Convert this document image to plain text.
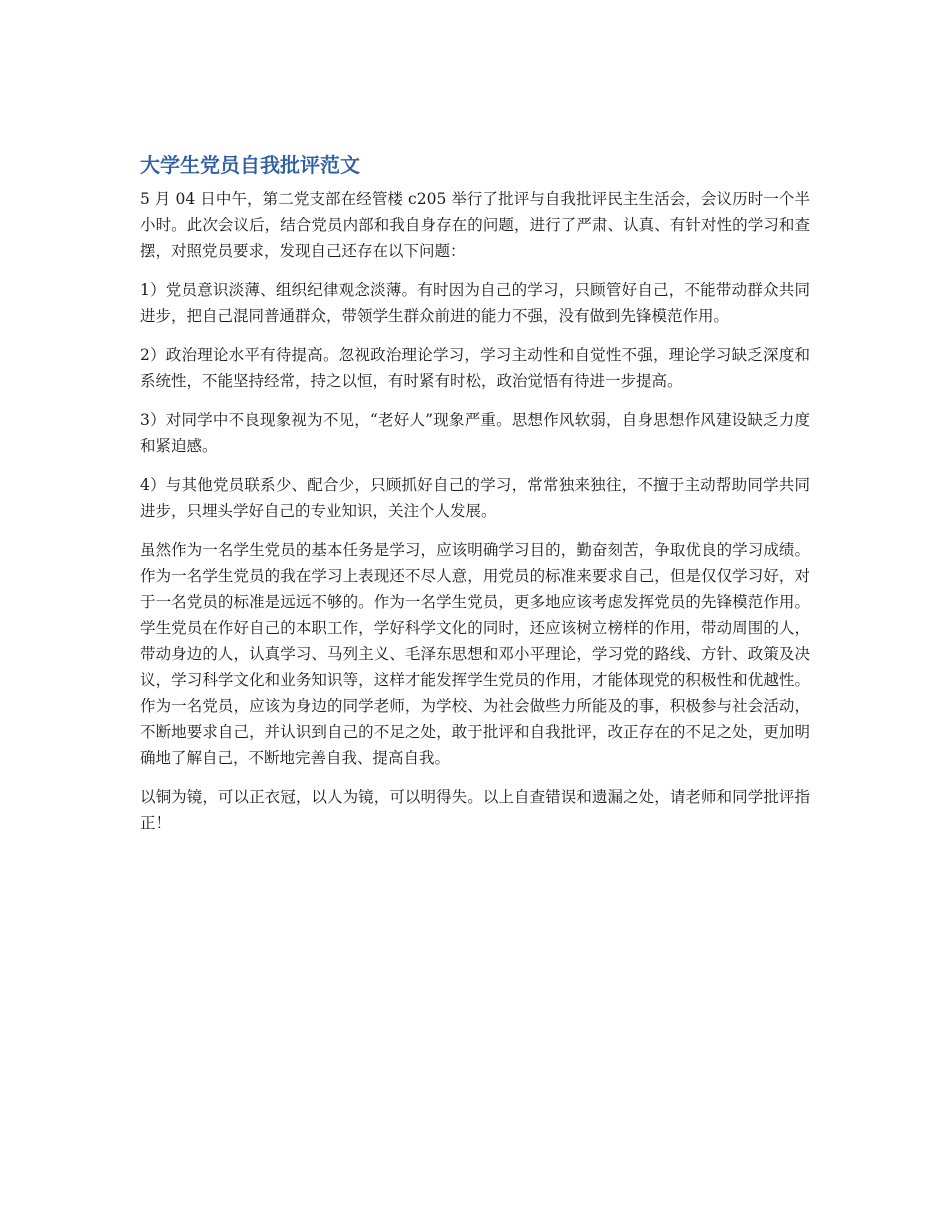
大学生党员自我批评范文

5 月 04 日中午，第二党支部在经管楼 c205 举行了批评与自我批评民主生活会，会议历时一个半小时。此次会议后，结合党员内部和我自身存在的问题，进行了严肃、认真、有针对性的学习和查摆，对照党员要求，发现自己还存在以下问题：

1）党员意识淡薄、组织纪律观念淡薄。有时因为自己的学习，只顾管好自己，不能带动群众共同进步，把自己混同普通群众，带领学生群众前进的能力不强，没有做到先锋模范作用。

2）政治理论水平有待提高。忽视政治理论学习，学习主动性和自觉性不强，理论学习缺乏深度和系统性，不能坚持经常，持之以恒，有时紧有时松，政治觉悟有待进一步提高。

3）对同学中不良现象视为不见，“老好人”现象严重。思想作风软弱，自身思想作风建设缺乏力度和紧迫感。

4）与其他党员联系少、配合少，只顾抓好自己的学习，常常独来独往，不擅于主动帮助同学共同进步，只埋头学好自己的专业知识，关注个人发展。

虽然作为一名学生党员的基本任务是学习，应该明确学习目的，勤奋刻苦，争取优良的学习成绩。作为一名学生党员的我在学习上表现还不尽人意，用党员的标准来要求自己，但是仅仅学习好，对于一名党员的标准是远远不够的。作为一名学生党员，更多地应该考虑发挥党员的先锋模范作用。学生党员在作好自己的本职工作，学好科学文化的同时，还应该树立榜样的作用，带动周围的人，带动身边的人，认真学习、马列主义、毛泽东思想和邓小平理论，学习党的路线、方针、政策及决议，学习科学文化和业务知识等，这样才能发挥学生党员的作用，才能体现党的积极性和优越性。作为一名党员，应该为身边的同学老师，为学校、为社会做些力所能及的事，积极参与社会活动，不断地要求自己，并认识到自己的不足之处，敢于批评和自我批评，改正存在的不足之处，更加明确地了解自己，不断地完善自我、提高自我。

以铜为镜，可以正衣冠，以人为镜，可以明得失。以上自查错误和遗漏之处，请老师和同学批评指正！
